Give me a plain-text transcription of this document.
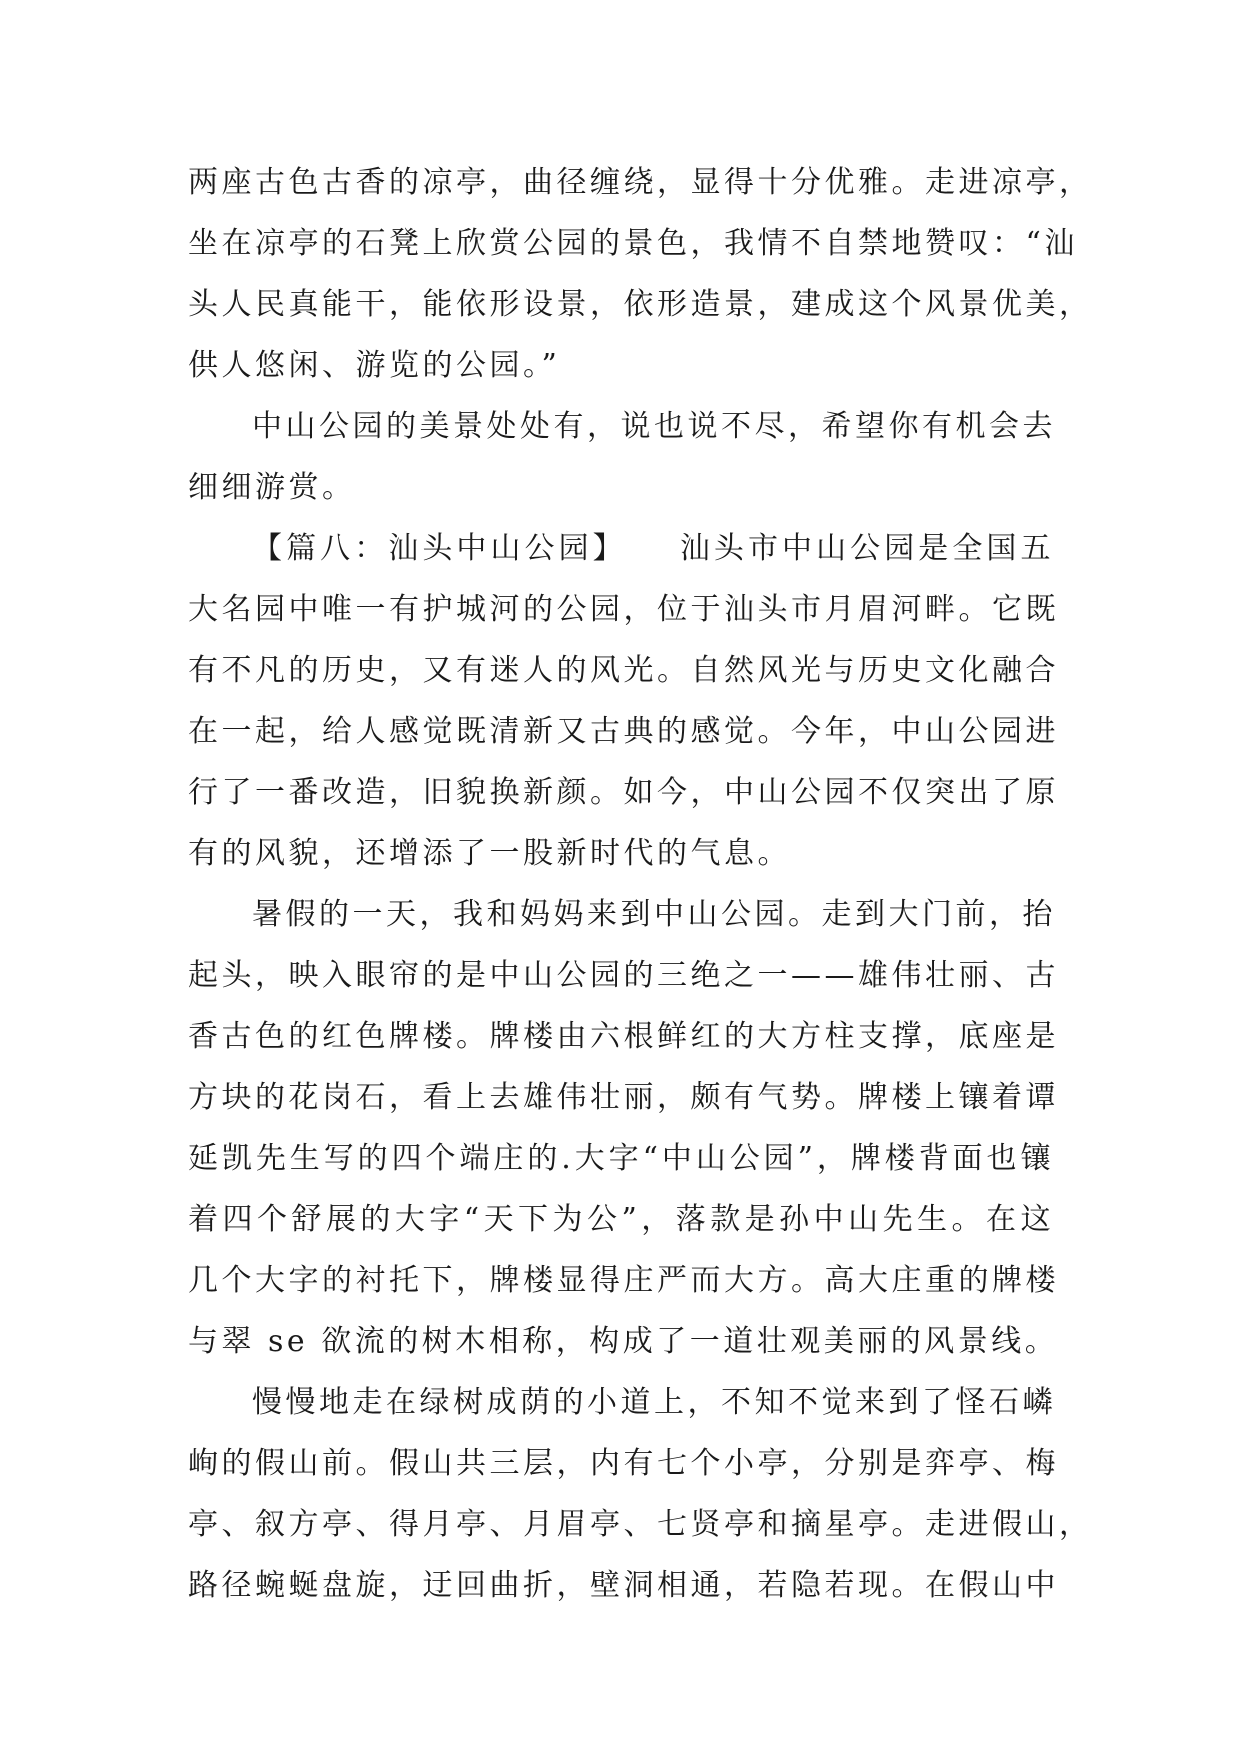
两座古色古香的凉亭，曲径缠绕，显得十分优雅。走进凉亭，
坐在凉亭的石凳上欣赏公园的景色，我情不自禁地赞叹：“汕
头人民真能干，能依形设景，依形造景，建成这个风景优美，
供人悠闲、游览的公园。”
中山公园的美景处处有，说也说不尽，希望你有机会去
细细游赏。
【篇八：汕头中山公园】　　汕头市中山公园是全国五
大名园中唯一有护城河的公园，位于汕头市月眉河畔。它既
有不凡的历史，又有迷人的风光。自然风光与历史文化融合
在一起，给人感觉既清新又古典的感觉。今年，中山公园进
行了一番改造，旧貌换新颜。如今，中山公园不仅突出了原
有的风貌，还增添了一股新时代的气息。
暑假的一天，我和妈妈来到中山公园。走到大门前，抬
起头，映入眼帘的是中山公园的三绝之一——雄伟壮丽、古
香古色的红色牌楼。牌楼由六根鲜红的大方柱支撑，底座是
方块的花岗石，看上去雄伟壮丽，颇有气势。牌楼上镶着谭
延凯先生写的四个端庄的.大字“中山公园”，牌楼背面也镶
着四个舒展的大字“天下为公”，落款是孙中山先生。在这
几个大字的衬托下，牌楼显得庄严而大方。高大庄重的牌楼
与翠 se 欲流的树木相称，构成了一道壮观美丽的风景线。
慢慢地走在绿树成荫的小道上，不知不觉来到了怪石嶙
峋的假山前。假山共三层，内有七个小亭，分别是弈亭、梅
亭、叙方亭、得月亭、月眉亭、七贤亭和摘星亭。走进假山，
路径蜿蜒盘旋，迂回曲折，壁洞相通，若隐若现。在假山中
